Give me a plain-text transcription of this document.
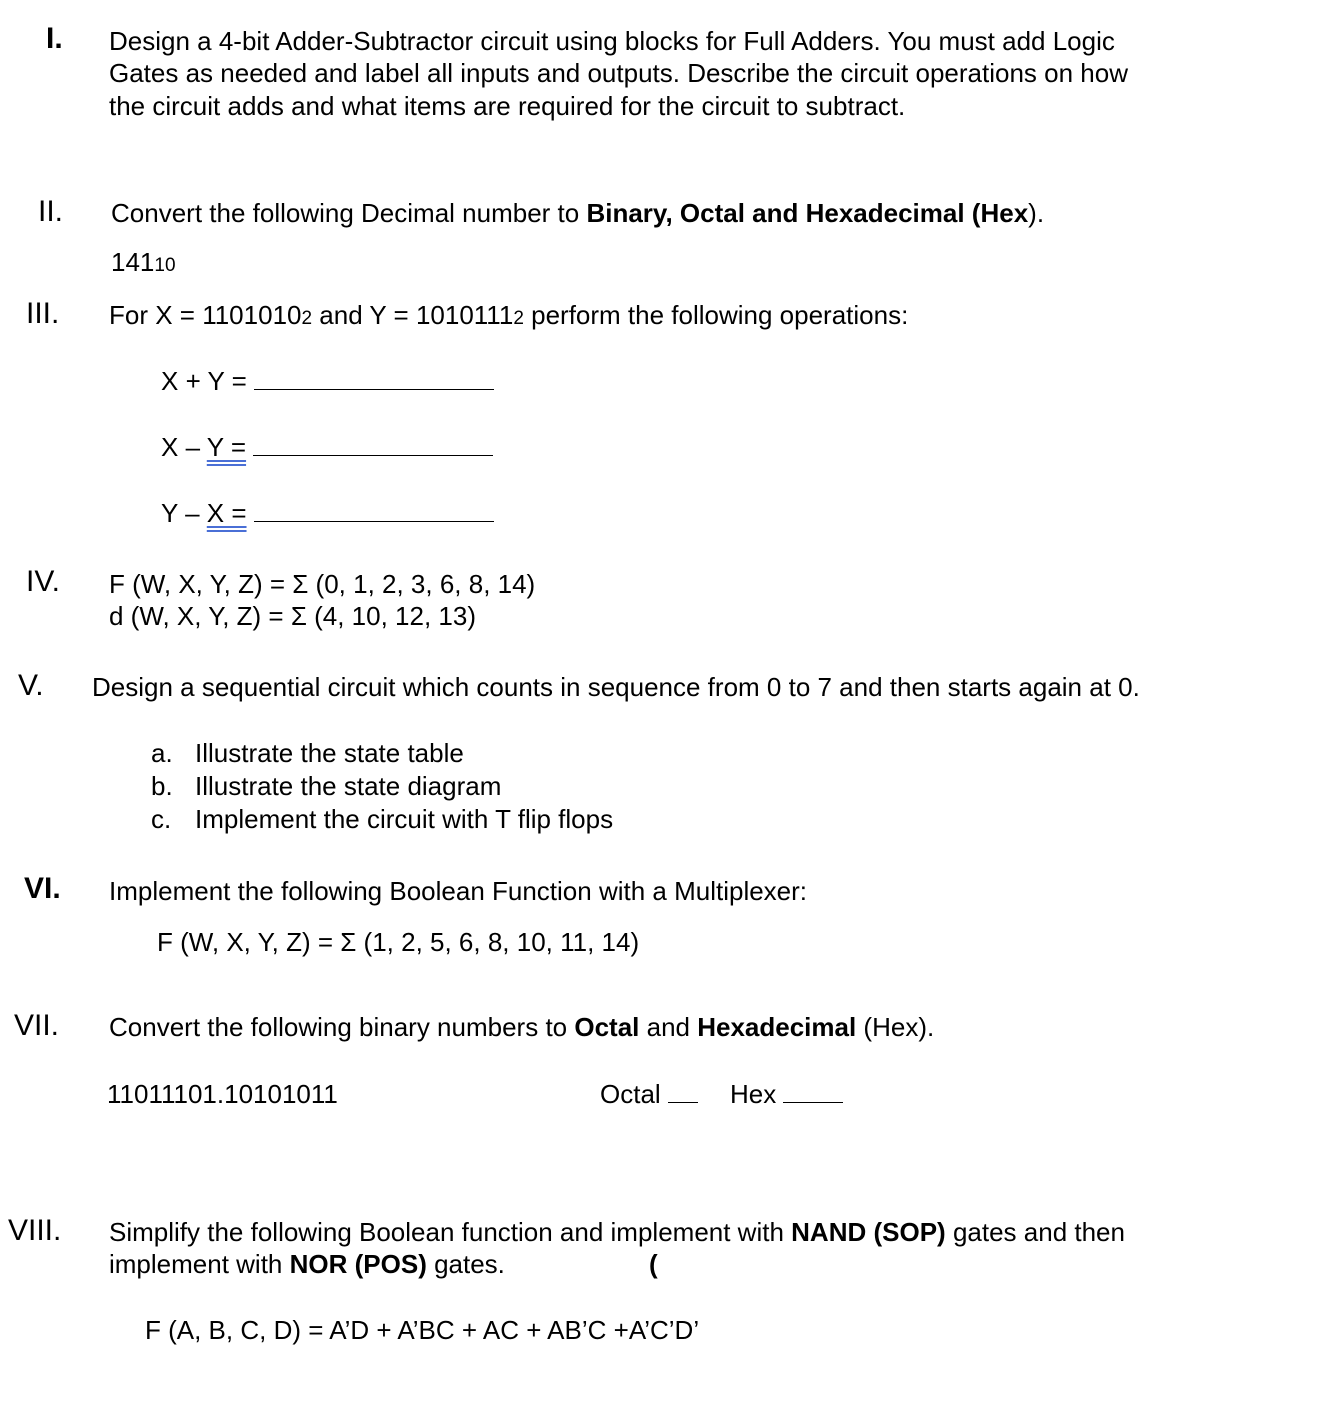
I. Design a 4-bit Adder-Subtractor circuit using blocks for Full Adders. You must add Logic
Gates as needed and label all inputs and outputs. Describe the circuit operations on how
the circuit adds and what items are required for the circuit to subtract.
II. Convert the following Decimal number to Binary, Octal and Hexadecimal (Hex).
14110
III. For X = 11010102 and Y = 10101112 perform the following operations:
X + Y =
X – Y =
Y – X =
IV. F (W, X, Y, Z) = Σ (0, 1, 2, 3, 6, 8, 14)
d (W, X, Y, Z) = Σ (4, 10, 12, 13)
V. Design a sequential circuit which counts in sequence from 0 to 7 and then starts again at 0.
a. Illustrate the state table
b. Illustrate the state diagram
c. Implement the circuit with T flip flops
VI. Implement the following Boolean Function with a Multiplexer:
F (W, X, Y, Z) = Σ (1, 2, 5, 6, 8, 10, 11, 14)
VII. Convert the following binary numbers to Octal and Hexadecimal (Hex).
11011101.10101011	Octal	Hex
VIII. Simplify the following Boolean function and implement with NAND (SOP) gates and then
implement with NOR (POS) gates.	(
F (A, B, C, D) = A’D + A’BC + AC + AB’C +A’C’D’
